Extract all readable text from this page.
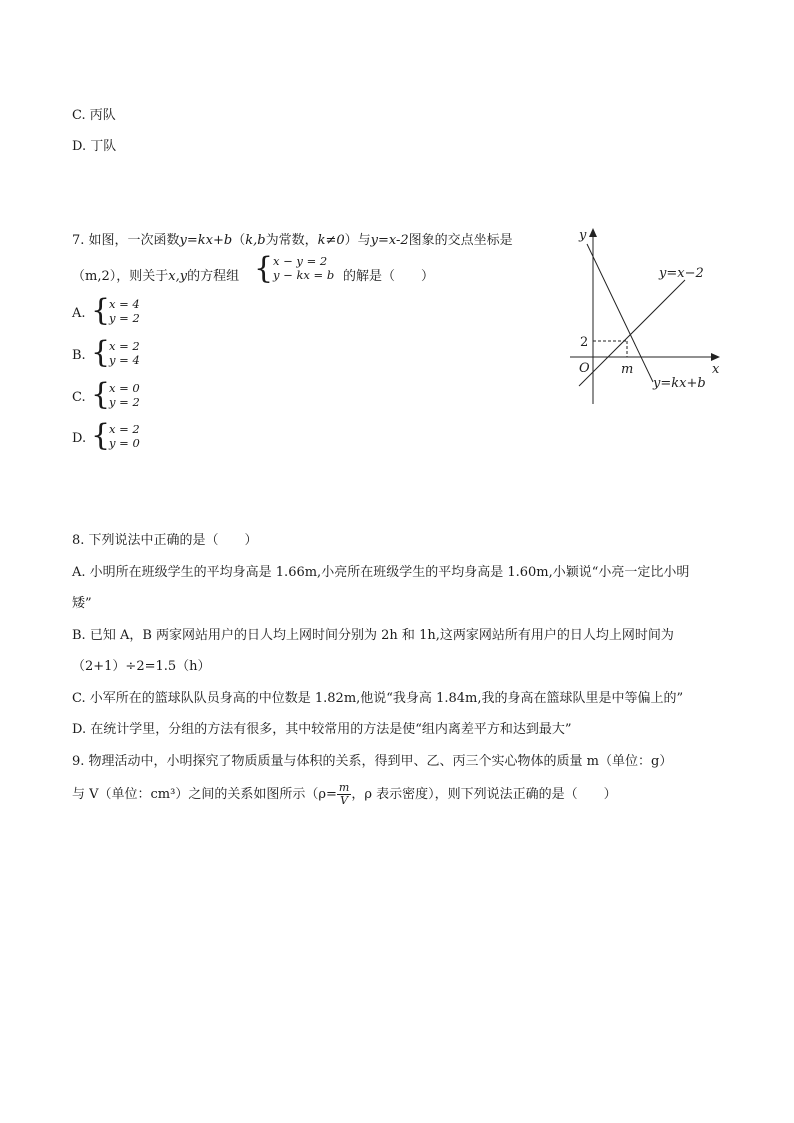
C. 丙队
D. 丁队
7. 如图，一次函数y=kx+b（k,b为常数，k≠0）与y=x-2图象的交点坐标是
（m,2），则关于x,y的方程组 { x − y = 2
y − kx = b 的解是（　　）
A. {
x = 4
y = 2
B. {
x = 2
y = 4
C. {
x = 0
y = 2
D. {
x = 2
y = 0
y
x
O
2
m
y=x−2
y=kx+b
8. 下列说法中正确的是（　　）
A. 小明所在班级学生的平均身高是 1.66m,小亮所在班级学生的平均身高是 1.60m,小颖说“小亮一定比小明
矮”
B. 已知 A，B 两家网站用户的日人均上网时间分别为 2h 和 1h,这两家网站所有用户的日人均上网时间为
（2+1）÷2=1.5（h）
C. 小军所在的篮球队队员身高的中位数是 1.82m,他说“我身高 1.84m,我的身高在篮球队里是中等偏上的”
D. 在统计学里，分组的方法有很多，其中较常用的方法是使“组内离差平方和达到最大”
9. 物理活动中，小明探究了物质质量与体积的关系，得到甲、乙、丙三个实心物体的质量 m（单位：g）
与 V（单位：cm³）之间的关系如图所示（$\rho= \frac{m}{V}$ ，ρ 表示密度），则下列说法正确的是（　　）
